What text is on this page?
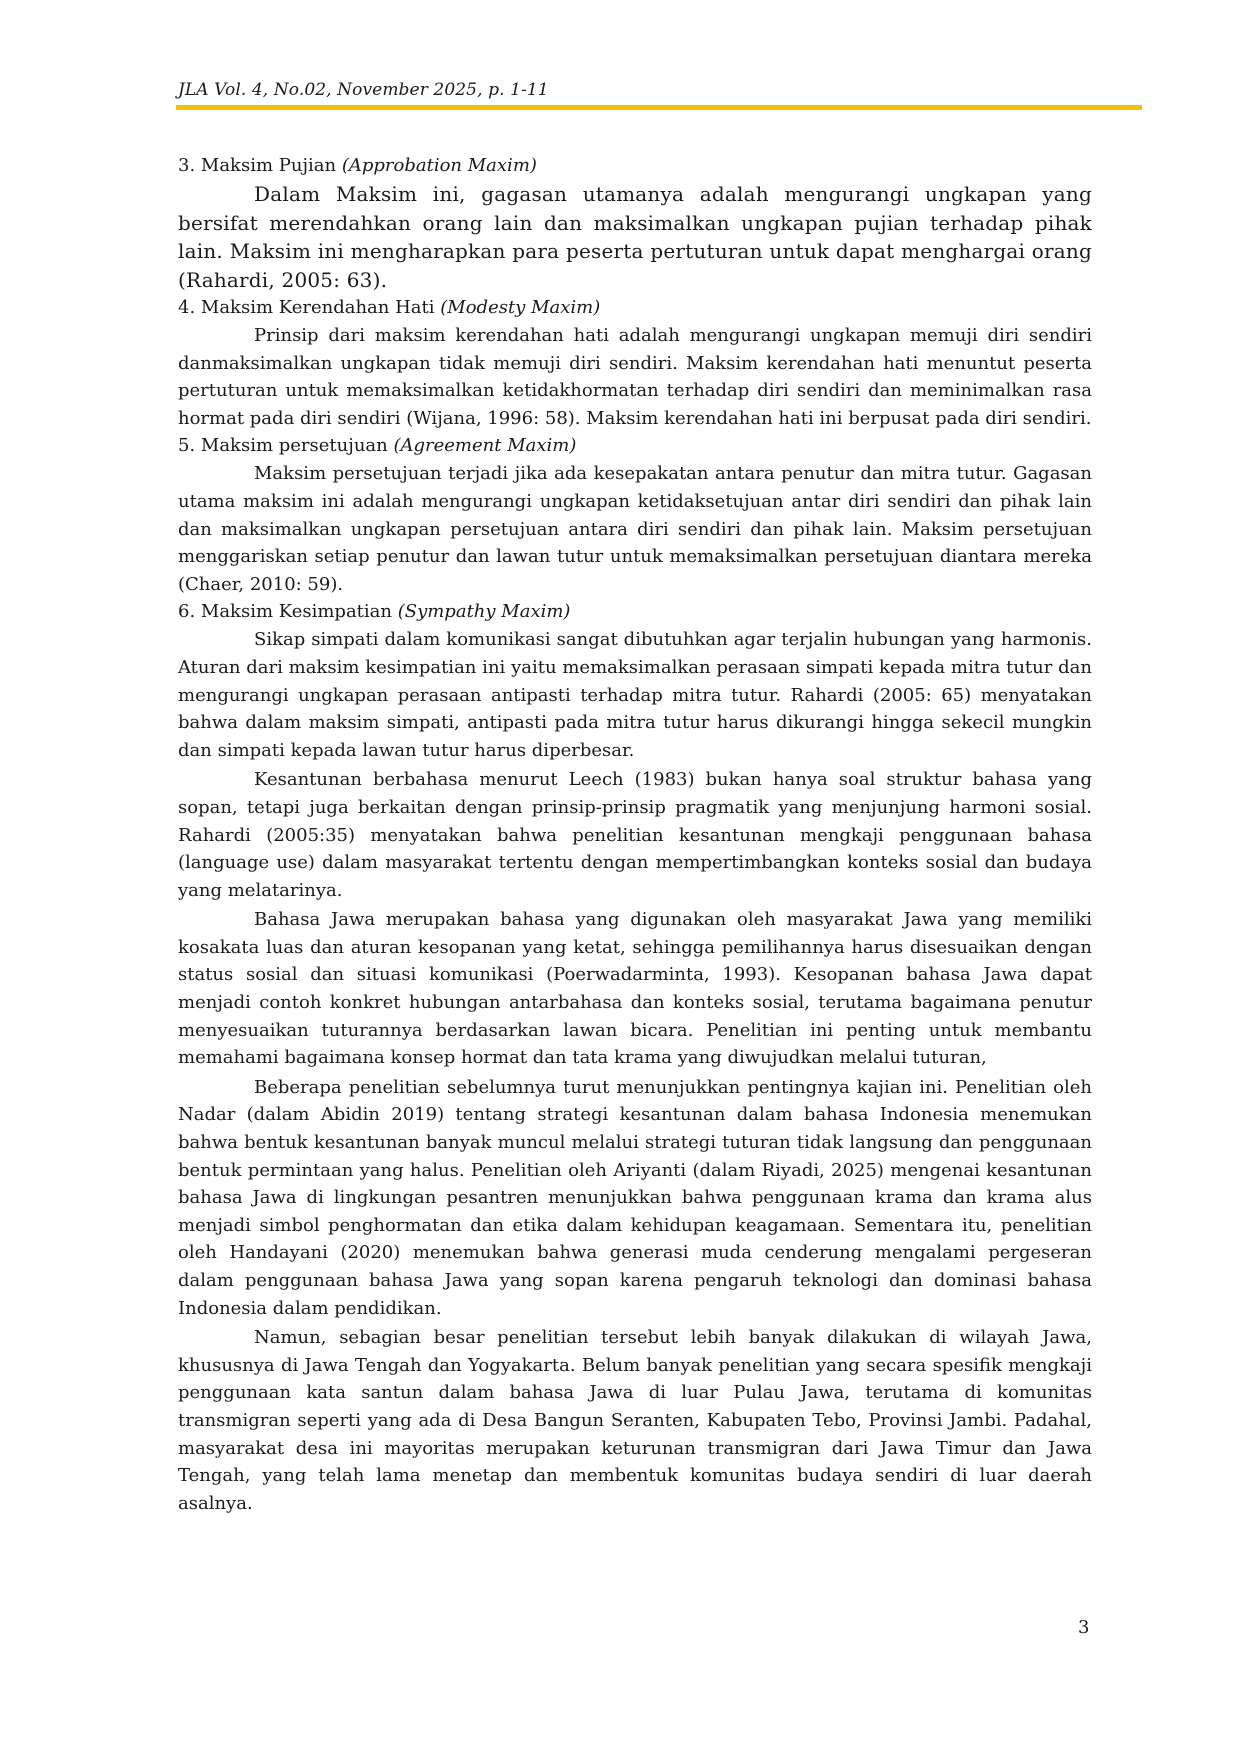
JLA Vol. 4, No.02, November 2025, p. 1-11

3. Maksim Pujian (Approbation Maxim)

Dalam Maksim ini, gagasan utamanya adalah mengurangi ungkapan yang bersifat merendahkan orang lain dan maksimalkan ungkapan pujian terhadap pihak lain. Maksim ini mengharapkan para peserta pertuturan untuk dapat menghargai orang (Rahardi, 2005: 63).

4. Maksim Kerendahan Hati (Modesty Maxim)

Prinsip dari maksim kerendahan hati adalah mengurangi ungkapan memuji diri sendiri danmaksimalkan ungkapan tidak memuji diri sendiri. Maksim kerendahan hati menuntut peserta pertuturan untuk memaksimalkan ketidakhormatan terhadap diri sendiri dan meminimalkan rasa hormat pada diri sendiri (Wijana, 1996: 58). Maksim kerendahan hati ini berpusat pada diri sendiri.

5. Maksim persetujuan (Agreement Maxim)

Maksim persetujuan terjadi jika ada kesepakatan antara penutur dan mitra tutur. Gagasan utama maksim ini adalah mengurangi ungkapan ketidaksetujuan antar diri sendiri dan pihak lain dan maksimalkan ungkapan persetujuan antara diri sendiri dan pihak lain. Maksim persetujuan menggariskan setiap penutur dan lawan tutur untuk memaksimalkan persetujuan diantara mereka (Chaer, 2010: 59).

6. Maksim Kesimpatian (Sympathy Maxim)

Sikap simpati dalam komunikasi sangat dibutuhkan agar terjalin hubungan yang harmonis. Aturan dari maksim kesimpatian ini yaitu memaksimalkan perasaan simpati kepada mitra tutur dan mengurangi ungkapan perasaan antipasti terhadap mitra tutur. Rahardi (2005: 65) menyatakan bahwa dalam maksim simpati, antipasti pada mitra tutur harus dikurangi hingga sekecil mungkin dan simpati kepada lawan tutur harus diperbesar.

Kesantunan berbahasa menurut Leech (1983) bukan hanya soal struktur bahasa yang sopan, tetapi juga berkaitan dengan prinsip-prinsip pragmatik yang menjunjung harmoni sosial. Rahardi (2005:35) menyatakan bahwa penelitian kesantunan mengkaji penggunaan bahasa (language use) dalam masyarakat tertentu dengan mempertimbangkan konteks sosial dan budaya yang melatarinya.

Bahasa Jawa merupakan bahasa yang digunakan oleh masyarakat Jawa yang memiliki kosakata luas dan aturan kesopanan yang ketat, sehingga pemilihannya harus disesuaikan dengan status sosial dan situasi komunikasi (Poerwadarminta, 1993). Kesopanan bahasa Jawa dapat menjadi contoh konkret hubungan antarbahasa dan konteks sosial, terutama bagaimana penutur menyesuaikan tuturannya berdasarkan lawan bicara. Penelitian ini penting untuk membantu memahami bagaimana konsep hormat dan tata krama yang diwujudkan melalui tuturan,

Beberapa penelitian sebelumnya turut menunjukkan pentingnya kajian ini. Penelitian oleh Nadar (dalam Abidin 2019) tentang strategi kesantunan dalam bahasa Indonesia menemukan bahwa bentuk kesantunan banyak muncul melalui strategi tuturan tidak langsung dan penggunaan bentuk permintaan yang halus. Penelitian oleh Ariyanti (dalam Riyadi, 2025) mengenai kesantunan bahasa Jawa di lingkungan pesantren menunjukkan bahwa penggunaan krama dan krama alus menjadi simbol penghormatan dan etika dalam kehidupan keagamaan. Sementara itu, penelitian oleh Handayani (2020) menemukan bahwa generasi muda cenderung mengalami pergeseran dalam penggunaan bahasa Jawa yang sopan karena pengaruh teknologi dan dominasi bahasa Indonesia dalam pendidikan.

Namun, sebagian besar penelitian tersebut lebih banyak dilakukan di wilayah Jawa, khususnya di Jawa Tengah dan Yogyakarta. Belum banyak penelitian yang secara spesifik mengkaji penggunaan kata santun dalam bahasa Jawa di luar Pulau Jawa, terutama di komunitas transmigran seperti yang ada di Desa Bangun Seranten, Kabupaten Tebo, Provinsi Jambi. Padahal, masyarakat desa ini mayoritas merupakan keturunan transmigran dari Jawa Timur dan Jawa Tengah, yang telah lama menetap dan membentuk komunitas budaya sendiri di luar daerah asalnya.

3
